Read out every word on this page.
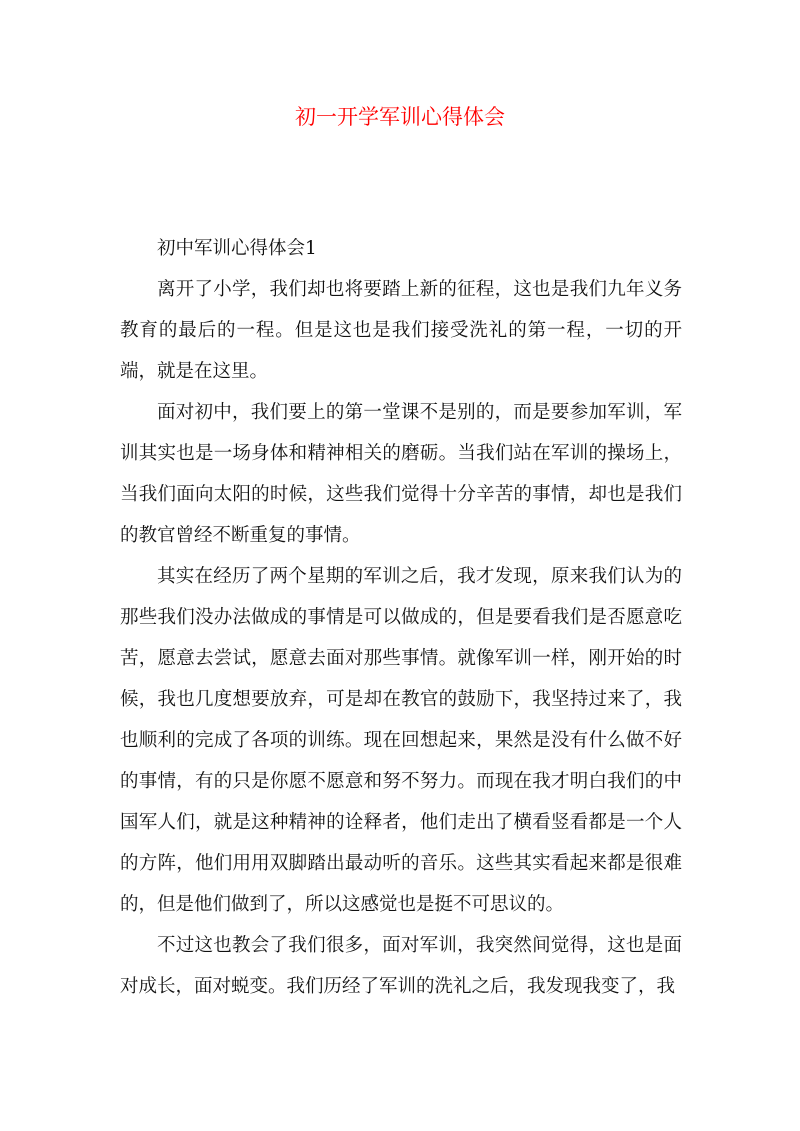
初一开学军训心得体会

初中军训心得体会1

离开了小学，我们却也将要踏上新的征程，这也是我们九年义务教育的最后的一程。但是这也是我们接受洗礼的第一程，一切的开端，就是在这里。

面对初中，我们要上的第一堂课不是别的，而是要参加军训，军训其实也是一场身体和精神相关的磨砺。当我们站在军训的操场上，当我们面向太阳的时候，这些我们觉得十分辛苦的事情，却也是我们的教官曾经不断重复的事情。

其实在经历了两个星期的军训之后，我才发现，原来我们认为的那些我们没办法做成的事情是可以做成的，但是要看我们是否愿意吃苦，愿意去尝试，愿意去面对那些事情。就像军训一样，刚开始的时候，我也几度想要放弃，可是却在教官的鼓励下，我坚持过来了，我也顺利的完成了各项的训练。现在回想起来，果然是没有什么做不好的事情，有的只是你愿不愿意和努不努力。而现在我才明白我们的中国军人们，就是这种精神的诠释者，他们走出了横看竖看都是一个人的方阵，他们用用双脚踏出最动听的音乐。这些其实看起来都是很难的，但是他们做到了，所以这感觉也是挺不可思议的。

不过这也教会了我们很多，面对军训，我突然间觉得，这也是面对成长，面对蜕变。我们历经了军训的洗礼之后，我发现我变了，我
